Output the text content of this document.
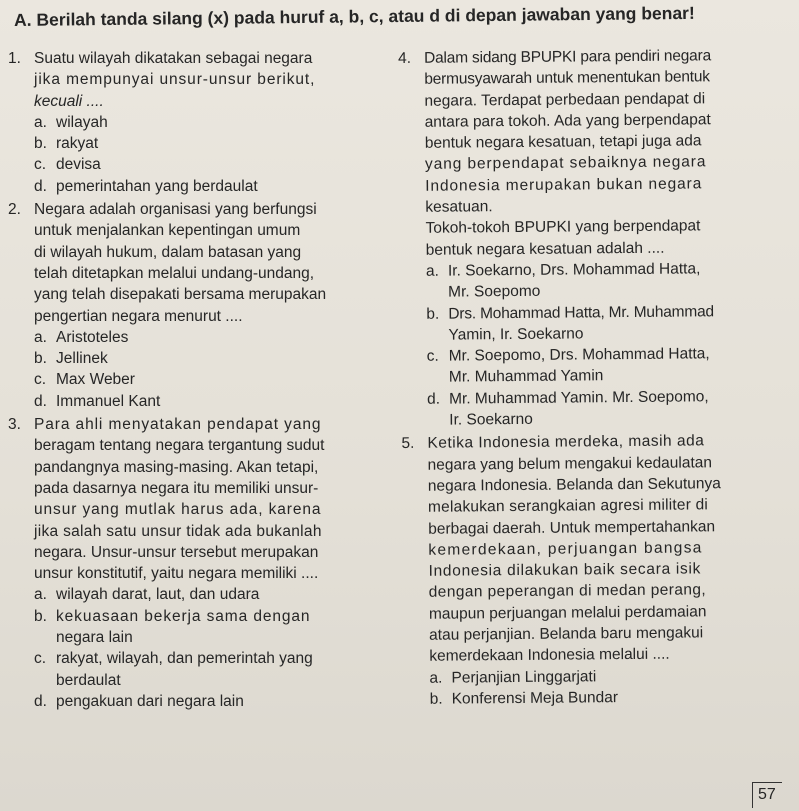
A. Berilah tanda silang (x) pada huruf a, b, c, atau d di depan jawaban yang benar!
1. Suatu wilayah dikatakan sebagai negara
jika mempunyai unsur-unsur berikut,
kecuali ....
a. wilayah
b. rakyat
c. devisa
d. pemerintahan yang berdaulat
2. Negara adalah organisasi yang berfungsi
untuk menjalankan kepentingan umum
di wilayah hukum, dalam batasan yang
telah ditetapkan melalui undang-undang,
yang telah disepakati bersama merupakan
pengertian negara menurut ....
a. Aristoteles
b. Jellinek
c. Max Weber
d. Immanuel Kant
3. Para ahli menyatakan pendapat yang
beragam tentang negara tergantung sudut
pandangnya masing-masing. Akan tetapi,
pada dasarnya negara itu memiliki unsur-
unsur yang mutlak harus ada, karena
jika salah satu unsur tidak ada bukanlah
negara. Unsur-unsur tersebut merupakan
unsur konstitutif, yaitu negara memiliki ....
a. wilayah darat, laut, dan udara
b. kekuasaan bekerja sama dengan
negara lain
c. rakyat, wilayah, dan pemerintah yang
berdaulat
d. pengakuan dari negara lain
4. Dalam sidang BPUPKI para pendiri negara
bermusyawarah untuk menentukan bentuk
negara. Terdapat perbedaan pendapat di
antara para tokoh. Ada yang berpendapat
bentuk negara kesatuan, tetapi juga ada
yang berpendapat sebaiknya negara
Indonesia merupakan bukan negara
kesatuan.
Tokoh-tokoh BPUPKI yang berpendapat
bentuk negara kesatuan adalah ....
a. Ir. Soekarno, Drs. Mohammad Hatta,
Mr. Soepomo
b. Drs. Mohammad Hatta, Mr. Muhammad
Yamin, Ir. Soekarno
c. Mr. Soepomo, Drs. Mohammad Hatta,
Mr. Muhammad Yamin
d. Mr. Muhammad Yamin. Mr. Soepomo,
Ir. Soekarno
5. Ketika Indonesia merdeka, masih ada
negara yang belum mengakui kedaulatan
negara Indonesia. Belanda dan Sekutunya
melakukan serangkaian agresi militer di
berbagai daerah. Untuk mempertahankan
kemerdekaan, perjuangan bangsa
Indonesia dilakukan baik secara isik
dengan peperangan di medan perang,
maupun perjuangan melalui perdamaian
atau perjanjian. Belanda baru mengakui
kemerdekaan Indonesia melalui ....
a. Perjanjian Linggarjati
b. Konferensi Meja Bundar
57
